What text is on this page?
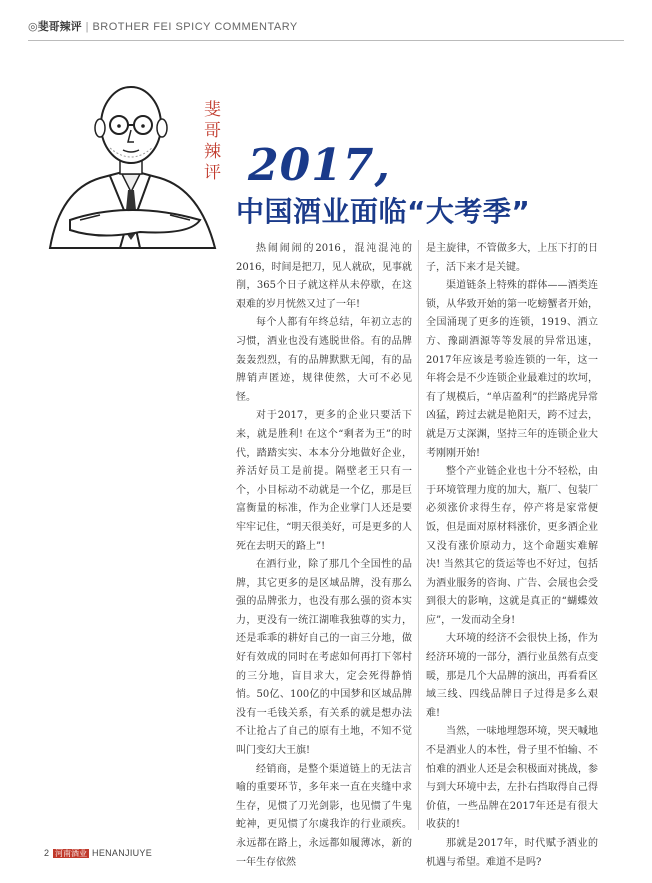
◎斐哥辣评 | BROTHER FEI SPICY COMMENTARY
斐哥辣评 2017,
中国酒业面临“大考季”

热闹闹闹的2016，混沌混沌的2016，时间是把刀，见人就砍，见事就削，365个日子就这样从未停歇，在这艰难的岁月恍然又过了一年!

每个人都有年终总结，年初立志的习惯，酒业也没有逃脱世俗。有的品牌轰轰烈烈，有的品牌默默无闻，有的品牌销声匿迹，规律使然，大可不必见怪。

对于2017，更多的企业只要活下来，就是胜利! 在这个“剩者为王”的时代，踏踏实实、本本分分地做好企业，养活好员工是前提。隔壁老王只有一个，小目标动不动就是一个亿，那是巨富衡量的标准，作为企业掌门人还是要牢牢记住，“明天很美好，可是更多的人死在去明天的路上”!

在酒行业，除了那几个全国性的品牌，其它更多的是区域品牌，没有那么强的品牌张力，也没有那么强的资本实力，更没有一统江湖唯我独尊的实力，还是乖乖的耕好自己的一亩三分地，做好有效成的同时在考虑如何再打下邻村的三分地，盲目求大，定会死得静悄悄。50亿、100亿的中国梦和区域品牌没有一毛钱关系，有关系的就是想办法不让抢占了自己的原有土地，不知不觉叫门变幻大王旗!

经销商，是整个渠道链上的无法言喻的重要环节，多年来一直在夹缝中求生存，见惯了刀光剑影，也见惯了牛鬼蛇神，更见惯了尔虞我诈的行业顽疾。永远都在路上，永远都如履薄冰，新的一年生存依然

是主旋律，不管做多大，上压下打的日子，活下来才是关键。

渠道链条上特殊的群体——酒类连锁，从华致开始的第一吃螃蟹者开始，全国涌现了更多的连锁，1919、酒立方、豫副酒源等等发展的异常迅速，2017年应该是考验连锁的一年，这一年将会是不少连锁企业最难过的坎坷，有了规模后，“单店盈利”的拦路虎异常凶猛，跨过去就是艳阳天，跨不过去，就是万丈深渊，坚持三年的连锁企业大考刚刚开始!

整个产业链企业也十分不轻松，由于环境管理力度的加大，瓶厂、包装厂必须涨价求得生存，停产将是家常便饭，但是面对原材料涨价，更多酒企业又没有涨价原动力，这个命题实难解决! 当然其它的货运等也不好过，包括为酒业服务的咨询、广告、会展也会受到很大的影响，这就是真正的“蝴蝶效应”，一发而动全身!

大环境的经济不会很快上扬，作为经济环境的一部分，酒行业虽然有点变暖，那是几个大品牌的演出，再看看区域三线、四线品牌日子过得是多么艰难!

当然，一味地埋怨环境，哭天喊地不是酒业人的本性，骨子里不怕输、不怕难的酒业人还是会积极面对挑战，参与到大环境中去，左扑右挡取得自己得价值，一些品牌在2017年还是有很大收获的!

那就是2017年，时代赋予酒业的机遇与希望。难道不是吗?

2 河南酒业 HENANJIUYE
